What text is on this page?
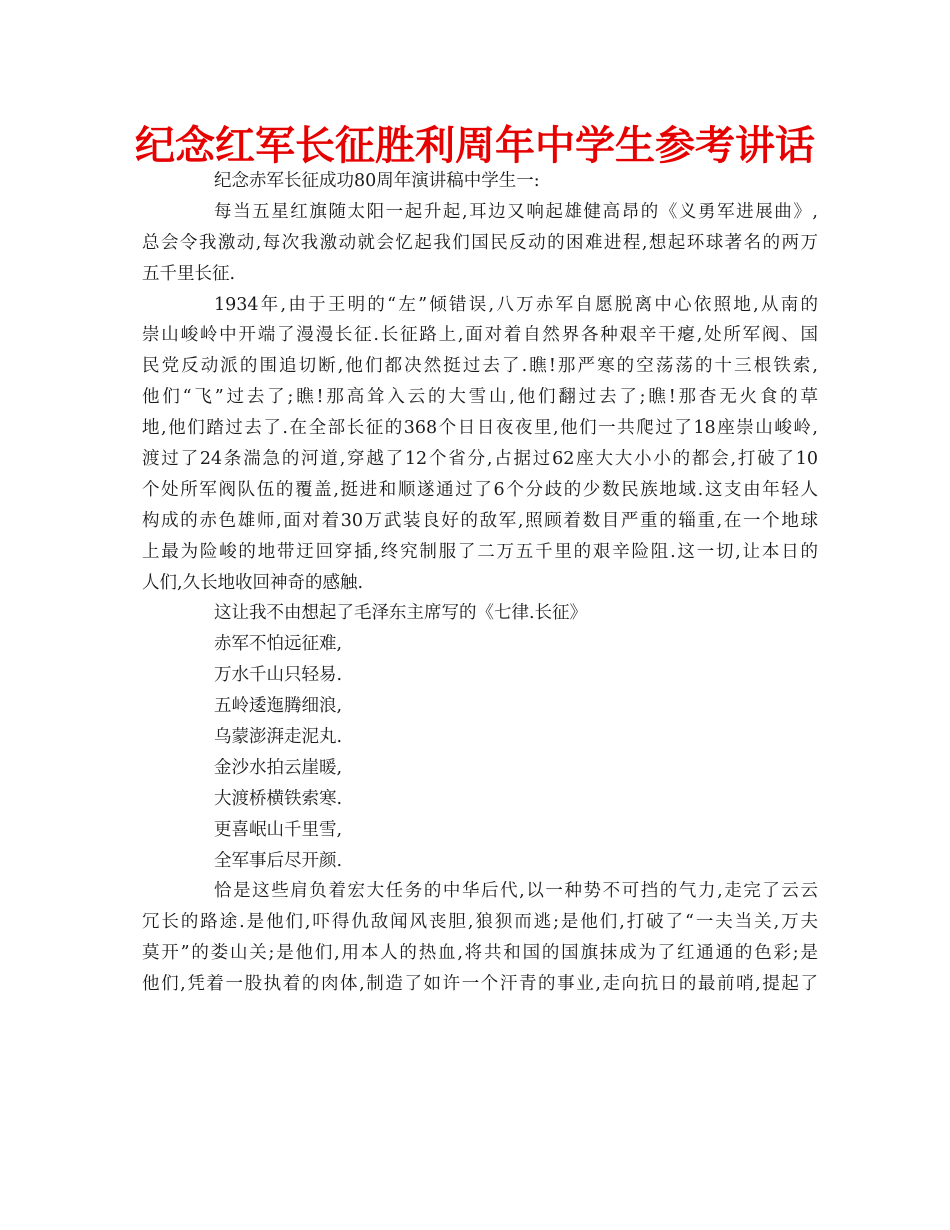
纪念红军长征胜利周年中学生参考讲话
纪念赤军长征成功80周年演讲稿中学生一:
每当五星红旗随太阳一起升起,耳边又响起雄健高昂的《义勇军进展曲》,
总会令我激动,每次我激动就会忆起我们国民反动的困难进程,想起环球著名的两万
五千里长征.
1934年,由于王明的“左”倾错误,八万赤军自愿脱离中心依照地,从南的
崇山峻岭中开端了漫漫长征.长征路上,面对着自然界各种艰辛干瘪,处所军阀、国
民党反动派的围追切断,他们都决然挺过去了.瞧!那严寒的空荡荡的十三根铁索,
他们“飞”过去了;瞧!那高耸入云的大雪山,他们翻过去了;瞧!那杳无火食的草
地,他们踏过去了.在全部长征的368个日日夜夜里,他们一共爬过了18座崇山峻岭,
渡过了24条湍急的河道,穿越了12个省分,占据过62座大大小小的都会,打破了10
个处所军阀队伍的覆盖,挺进和顺遂通过了6个分歧的少数民族地域.这支由年轻人
构成的赤色雄师,面对着30万武装良好的敌军,照顾着数目严重的辎重,在一个地球
上最为险峻的地带迂回穿插,终究制服了二万五千里的艰辛险阻.这一切,让本日的
人们,久长地收回神奇的感触.
这让我不由想起了毛泽东主席写的《七律.长征》
赤军不怕远征难,
万水千山只轻易.
五岭逶迤腾细浪,
乌蒙澎湃走泥丸.
金沙水拍云崖暖,
大渡桥横铁索寒.
更喜岷山千里雪,
全军事后尽开颜.
恰是这些肩负着宏大任务的中华后代,以一种势不可挡的气力,走完了云云
冗长的路途.是他们,吓得仇敌闻风丧胆,狼狈而逃;是他们,打破了“一夫当关,万夫
莫开”的娄山关;是他们,用本人的热血,将共和国的国旗抹成为了红通通的色彩;是
他们,凭着一股执着的肉体,制造了如许一个汗青的事业,走向抗日的最前哨,提起了
